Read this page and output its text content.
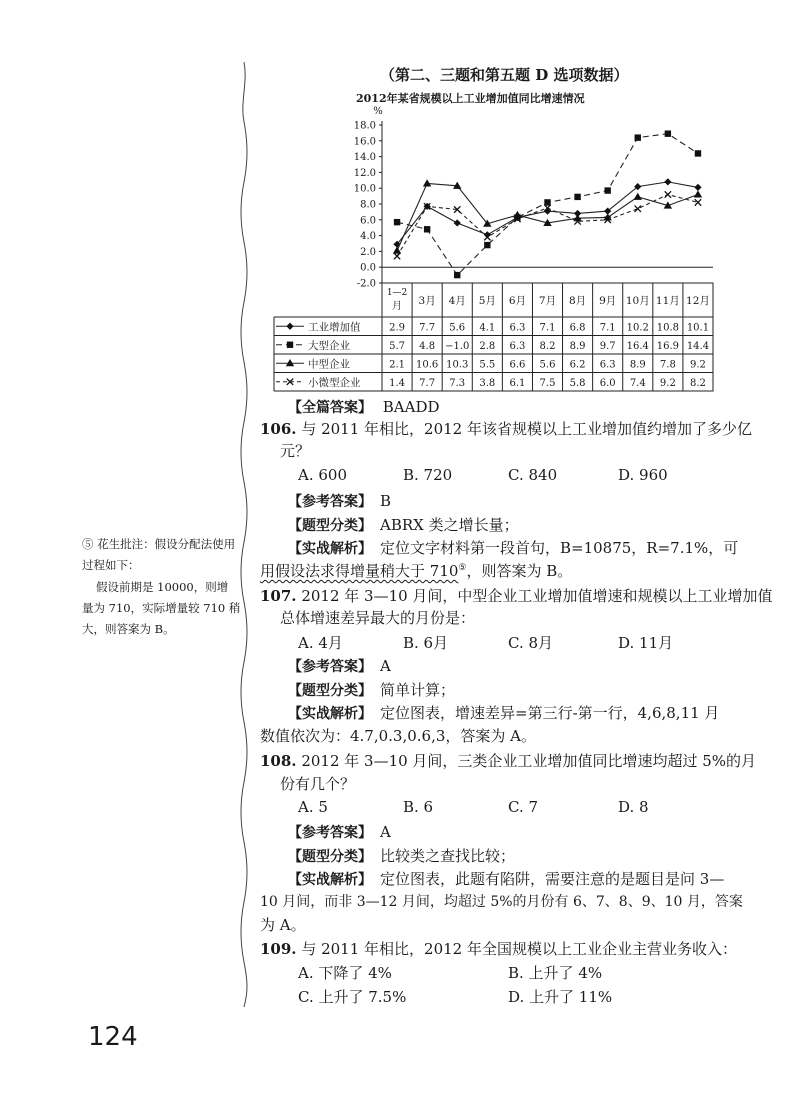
（第二、三题和第五题 D 选项数据）
2012年某省规模以上工业增加值同比增速情况
%
18.0
16.0
14.0
12.0
10.0
8.0
6.0
4.0
2.0
0.0
-2.0
1—2
月 3月 4月 5月 6月 7月 8月 9月 10月 11月 12月
工业增加值	2.9 7.7 5.6 4.1 6.3 7.1 6.8 7.1 10.2 10.8 10.1
大型企业	5.7 4.8 −1.0 2.8 6.3 8.2 8.9 9.7 16.4 16.9 14.4
中型企业	2.1 10.6 10.3 5.5 6.6 5.6 6.2 6.3 8.9 7.8 9.2
小微型企业	1.4 7.7 7.3 3.8 6.1 7.5 5.8 6.0 7.4 9.2 8.2
【全篇答案】 BAADD
106. 与 2011 年相比，2012 年该省规模以上工业增加值约增加了多少亿
元？
A. 600	B. 720	C. 840	D. 960
【参考答案】 B
【题型分类】 ABRX 类之增长量；
【实战解析】 定位文字材料第一段首句，B=10875，R=7.1%，可
用假设法求得增量稍大于 710⑤，则答案为 B。
⑤ 花生批注：假设分配法使用
过程如下：
假设前期是 10000，则增
量为 710，实际增量较 710 稍
大，则答案为 B。
107. 2012 年 3—10 月间，中型企业工业增加值增速和规模以上工业增加值
总体增速差异最大的月份是：
A. 4月	B. 6月	C. 8月	D. 11月
【参考答案】 A
【题型分类】 简单计算；
【实战解析】 定位图表，增速差异=第三行-第一行，4,6,8,11 月
数值依次为：4.7,0.3,0.6,3，答案为 A。
108. 2012 年 3—10 月间，三类企业工业增加值同比增速均超过 5%的月
份有几个？
A. 5	B. 6	C. 7	D. 8
【参考答案】 A
【题型分类】 比较类之查找比较；
【实战解析】 定位图表，此题有陷阱，需要注意的是题目是问 3—
10 月间，而非 3—12 月间，均超过 5%的月份有 6、7、8、9、10 月，答案
为 A。
109. 与 2011 年相比，2012 年全国规模以上工业企业主营业务收入：
A. 下降了 4%	B. 上升了 4%
C. 上升了 7.5%	D. 上升了 11%
124
